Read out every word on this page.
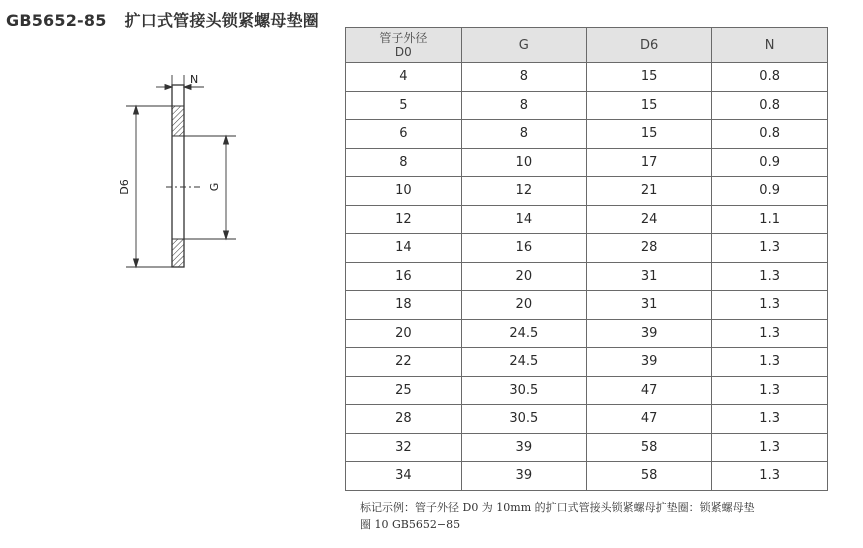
GB5652-85 扩口式管接头锁紧螺母垫圈
N
D6	G
管子外径
D0	G	D6	N
4	8	15	0.8
5	8	15	0.8
6	8	15	0.8
8	10	17	0.9
10	12	21	0.9
12	14	24	1.1
14	16	28	1.3
16	20	31	1.3
18	20	31	1.3
20	24.5	39	1.3
22	24.5	39	1.3
25	30.5	47	1.3
28	30.5	47	1.3
32	39	58	1.3
34	39	58	1.3
标记示例：管子外径 D0 为 10mm 的扩口式管接头锁紧螺母扩垫圈：锁紧螺母垫
圈 10 GB5652−85
